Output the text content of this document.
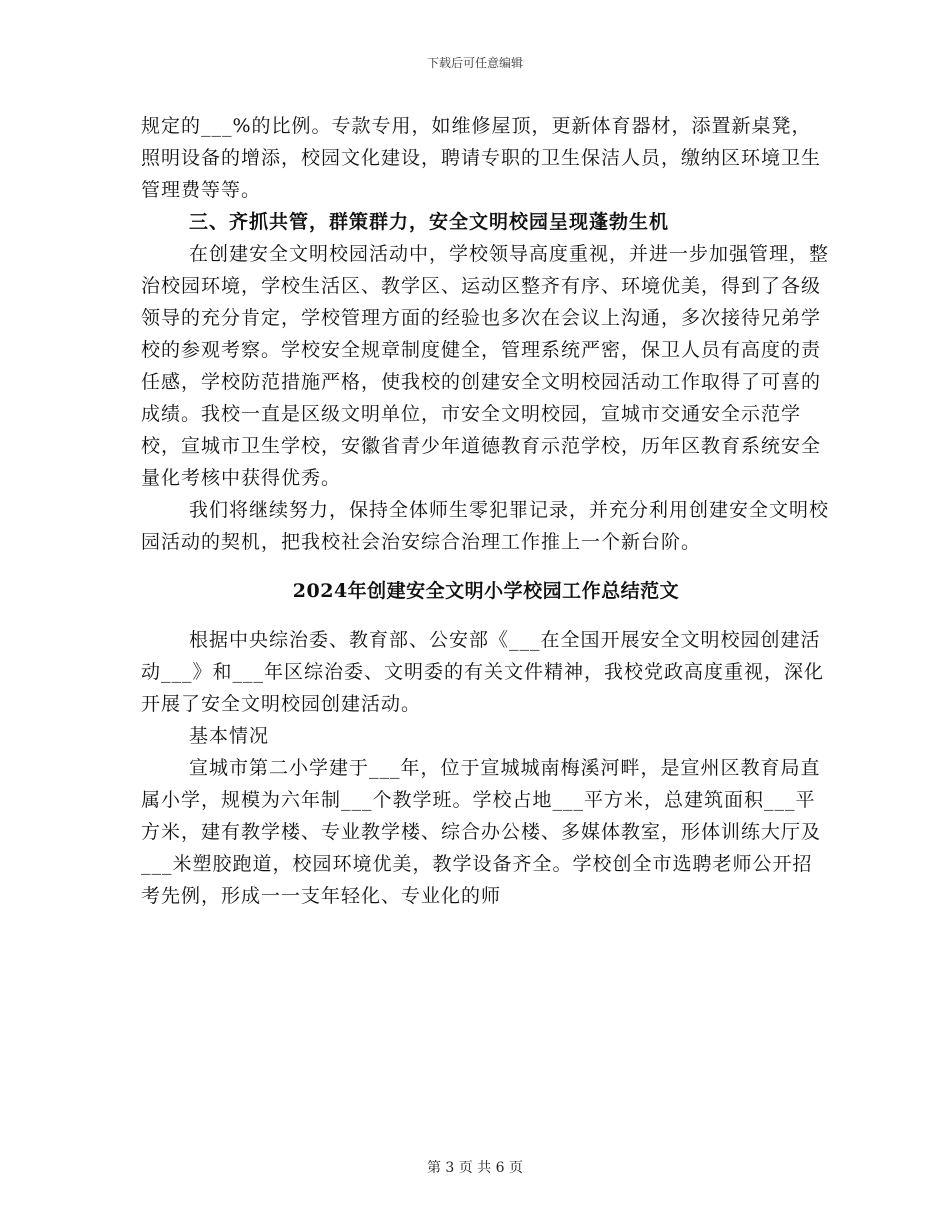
下载后可任意编辑

规定的___%的比例。专款专用，如维修屋顶，更新体育器材，添置新桌凳，照明设备的增添，校园文化建设，聘请专职的卫生保洁人员，缴纳区环境卫生管理费等等。

三、齐抓共管，群策群力，安全文明校园呈现蓬勃生机

在创建安全文明校园活动中，学校领导高度重视，并进一步加强管理，整治校园环境，学校生活区、教学区、运动区整齐有序、环境优美，得到了各级领导的充分肯定，学校管理方面的经验也多次在会议上沟通，多次接待兄弟学校的参观考察。学校安全规章制度健全，管理系统严密，保卫人员有高度的责任感，学校防范措施严格，使我校的创建安全文明校园活动工作取得了可喜的成绩。我校一直是区级文明单位，市安全文明校园，宣城市交通安全示范学校，宣城市卫生学校，安徽省青少年道德教育示范学校，历年区教育系统安全量化考核中获得优秀。

我们将继续努力，保持全体师生零犯罪记录，并充分利用创建安全文明校园活动的契机，把我校社会治安综合治理工作推上一个新台阶。

2024年创建安全文明小学校园工作总结范文

根据中央综治委、教育部、公安部《___在全国开展安全文明校园创建活动___》和___年区综治委、文明委的有关文件精神，我校党政高度重视，深化开展了安全文明校园创建活动。

基本情况

宣城市第二小学建于___年，位于宣城城南梅溪河畔，是宣州区教育局直属小学，规模为六年制___个教学班。学校占地___平方米，总建筑面积___平方米，建有教学楼、专业教学楼、综合办公楼、多媒体教室，形体训练大厅及___米塑胶跑道，校园环境优美，教学设备齐全。学校创全市选聘老师公开招考先例，形成一一支年轻化、专业化的师

第 3 页 共 6 页
